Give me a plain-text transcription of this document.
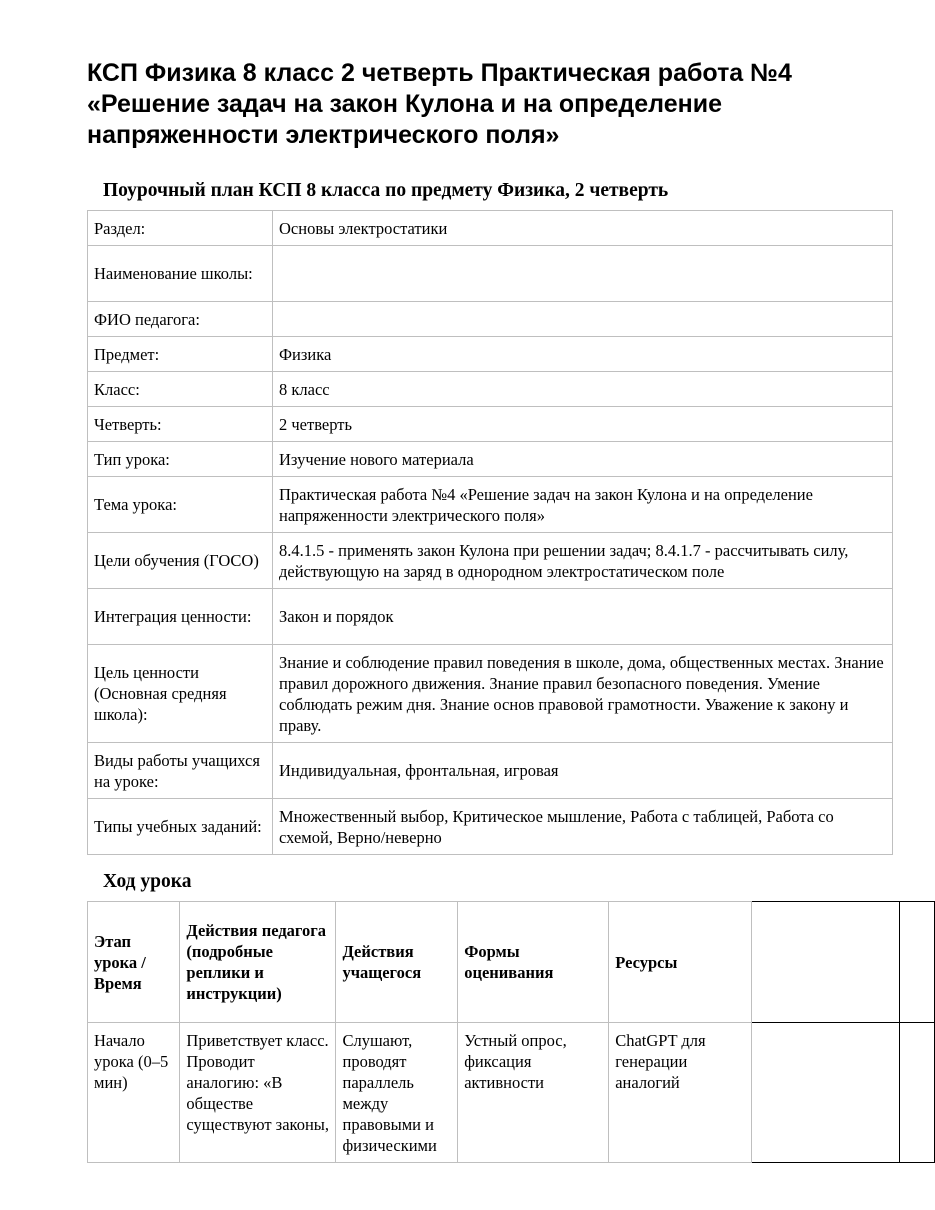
КСП Физика 8 класс 2 четверть Практическая работа №4 «Решение задач на закон Кулона и на определение напряженности электрического поля»
Поурочный план КСП 8 класса по предмету Физика, 2 четверть
Раздел:	Основы электростатики
Наименование школы:	
ФИО педагога:	
Предмет:	Физика
Класс:	8 класс
Четверть:	2 четверть
Тип урока:	Изучение нового материала
Тема урока:	Практическая работа №4 «Решение задач на закон Кулона и на определение напряженности электрического поля»
Цели обучения (ГОСО)	8.4.1.5 - применять закон Кулона при решении задач; 8.4.1.7 - рассчитывать силу, действующую на заряд в однородном электростатическом поле
Интеграция ценности:	Закон и порядок
Цель ценности (Основная средняя школа):	Знание и соблюдение правил поведения в школе, дома, общественных местах. Знание правил дорожного движения. Знание правил безопасного поведения. Умение соблюдать режим дня. Знание основ правовой грамотности. Уважение к закону и праву.
Виды работы учащихся на уроке:	Индивидуальная, фронтальная, игровая
Типы учебных заданий:	Множественный выбор, Критическое мышление, Работа с таблицей, Работа со схемой, Верно/неверно
Ход урока
Этап урока / Время	Действия педагога (подробные реплики и инструкции)	Действия учащегося	Формы оценивания	Ресурсы		
Начало урока (0–5 мин)	Приветствует класс. Проводит аналогию: «В обществе существуют законы,	Слушают, проводят параллель между правовыми и физическими	Устный опрос, фиксация активности	ChatGPT для генерации аналогий		
